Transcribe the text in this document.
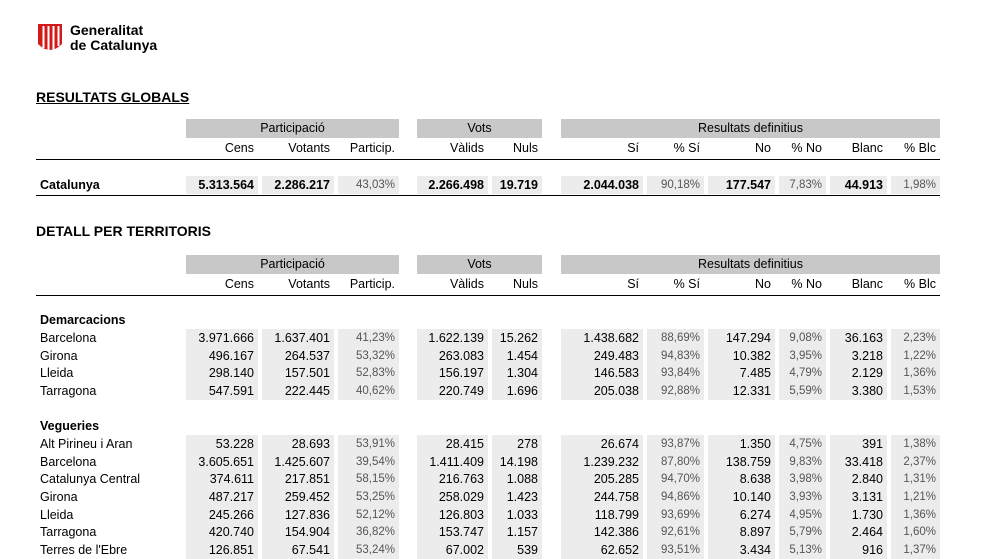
Generalitat
de Catalunya
RESULTATS GLOBALS
Participació	Vots	Resultats definitius
Cens	Votants	Particip.	Vàlids	Nuls	Sí	% Sí	No	% No	Blanc	% Blc
Catalunya	5.313.564	2.286.217	43,03%	2.266.498	19.719	2.044.038	90,18%	177.547	7,83%	44.913	1,98%
DETALL PER TERRITORIS
Participació	Vots	Resultats definitius
Cens	Votants	Particip.	Vàlids	Nuls	Sí	% Sí	No	% No	Blanc	% Blc
Demarcacions
Barcelona	3.971.666	1.637.401	41,23%	1.622.139	15.262	1.438.682	88,69%	147.294	9,08%	36.163	2,23%
Girona	496.167	264.537	53,32%	263.083	1.454	249.483	94,83%	10.382	3,95%	3.218	1,22%
Lleida	298.140	157.501	52,83%	156.197	1.304	146.583	93,84%	7.485	4,79%	2.129	1,36%
Tarragona	547.591	222.445	40,62%	220.749	1.696	205.038	92,88%	12.331	5,59%	3.380	1,53%
Vegueries
Alt Pirineu i Aran	53.228	28.693	53,91%	28.415	278	26.674	93,87%	1.350	4,75%	391	1,38%
Barcelona	3.605.651	1.425.607	39,54%	1.411.409	14.198	1.239.232	87,80%	138.759	9,83%	33.418	2,37%
Catalunya Central	374.611	217.851	58,15%	216.763	1.088	205.285	94,70%	8.638	3,98%	2.840	1,31%
Girona	487.217	259.452	53,25%	258.029	1.423	244.758	94,86%	10.140	3,93%	3.131	1,21%
Lleida	245.266	127.836	52,12%	126.803	1.033	118.799	93,69%	6.274	4,95%	1.730	1,36%
Tarragona	420.740	154.904	36,82%	153.747	1.157	142.386	92,61%	8.897	5,79%	2.464	1,60%
Terres de l'Ebre	126.851	67.541	53,24%	67.002	539	62.652	93,51%	3.434	5,13%	916	1,37%
